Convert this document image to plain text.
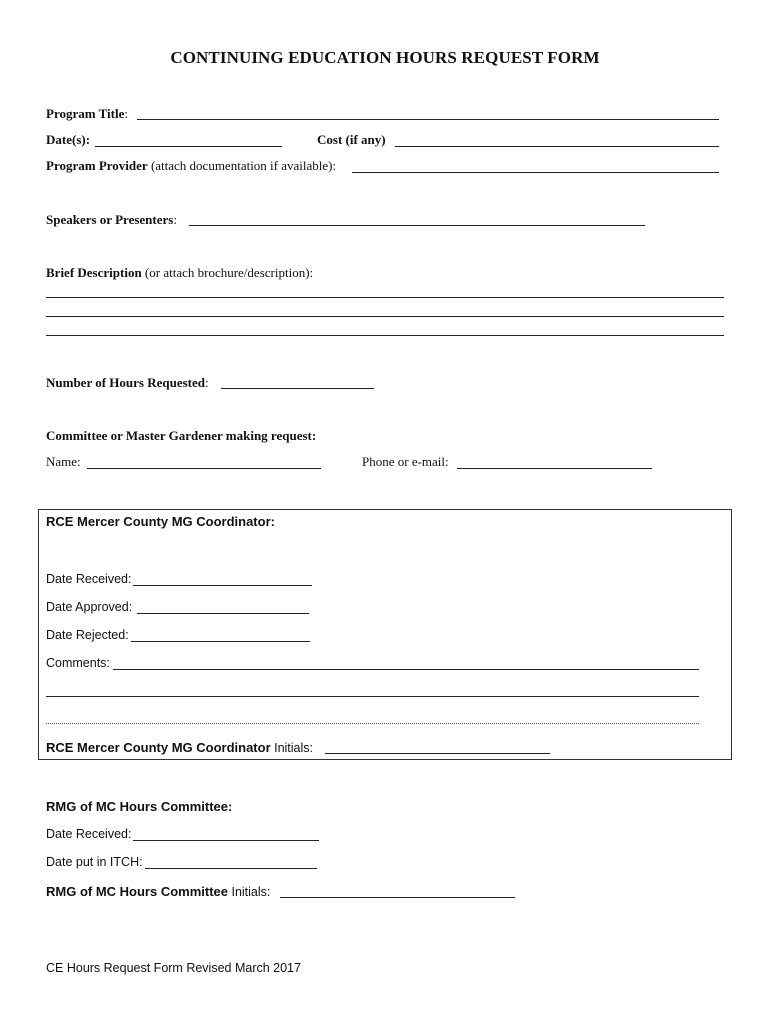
CONTINUING EDUCATION HOURS REQUEST FORM
Program Title:
Date(s):	Cost (if any)
Program Provider (attach documentation if available):
Speakers or Presenters:
Brief Description (or attach brochure/description):
Number of Hours Requested:
Committee or Master Gardener making request:
Name:	Phone or e-mail:
RCE Mercer County MG Coordinator:
Date Received:
Date Approved:
Date Rejected:
Comments:
RCE Mercer County MG Coordinator Initials:
RMG of MC Hours Committee:
Date Received:
Date put in ITCH:
RMG of MC Hours Committee Initials:
CE Hours Request Form Revised March 2017
